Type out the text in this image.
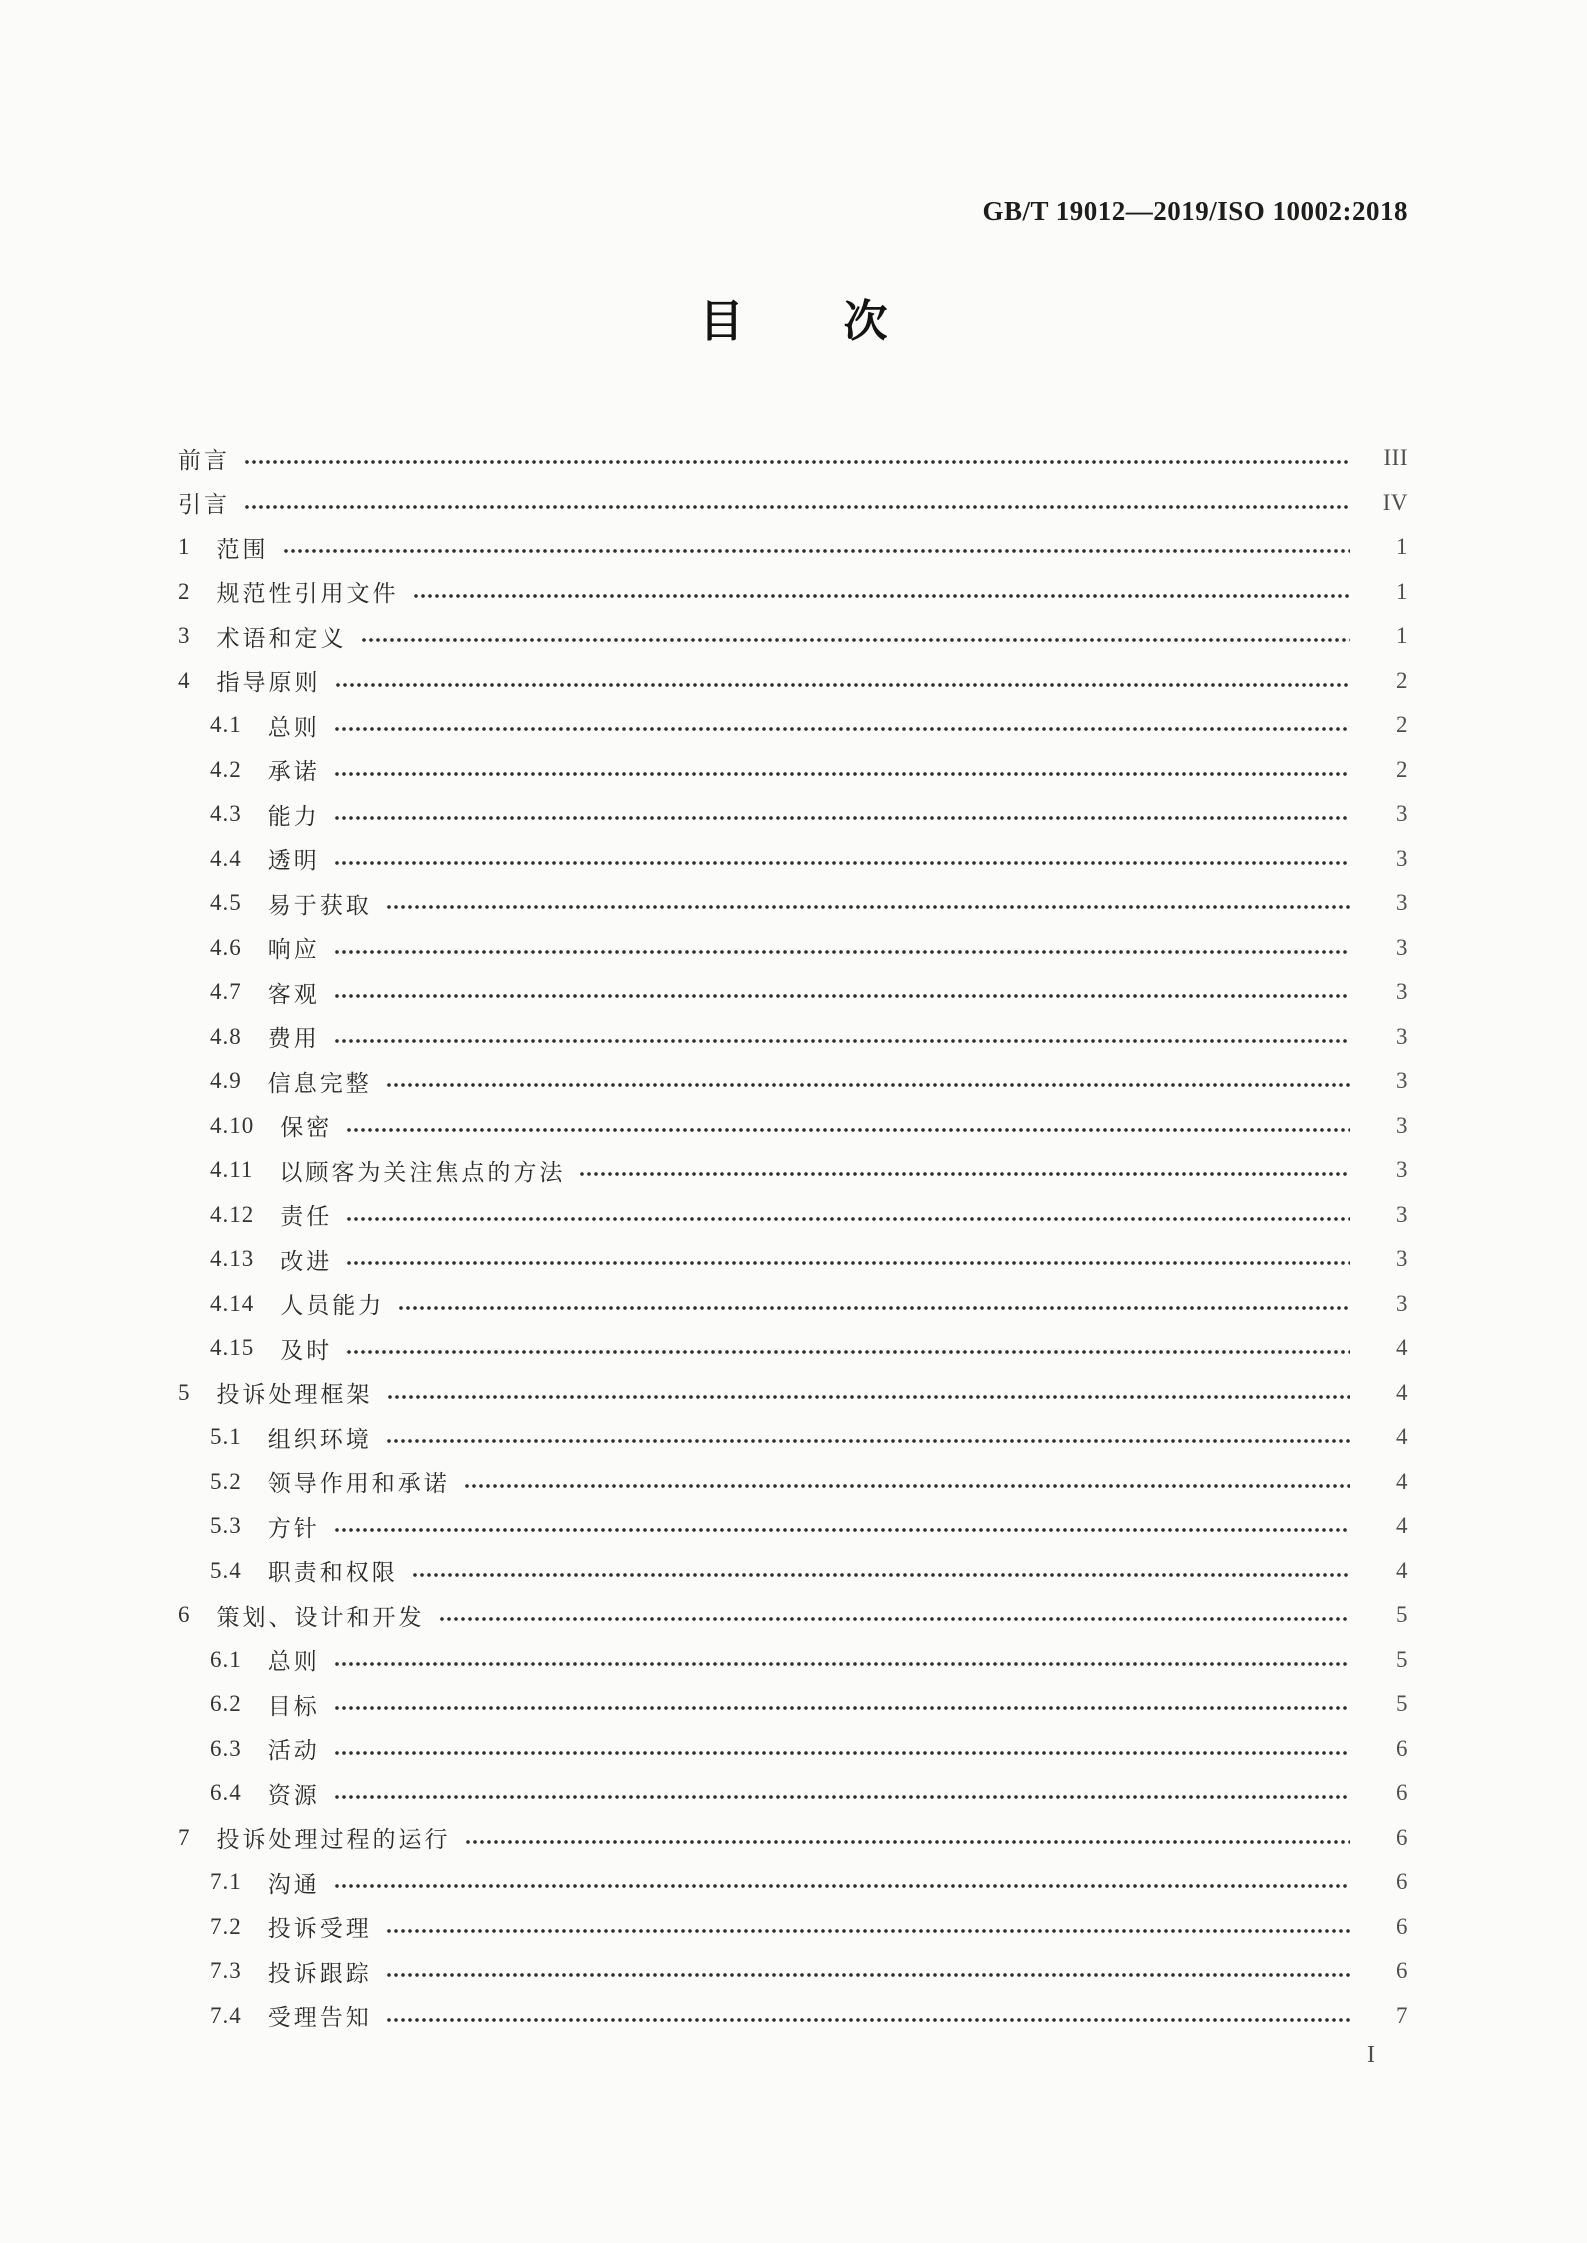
GB/T 19012—2019/ISO 10002:2018
目 次
前言	III
引言	IV
1 范围	1
2 规范性引用文件	1
3 术语和定义	1
4 指导原则	2
4.1 总则	2
4.2 承诺	2
4.3 能力	3
4.4 透明	3
4.5 易于获取	3
4.6 响应	3
4.7 客观	3
4.8 费用	3
4.9 信息完整	3
4.10 保密	3
4.11 以顾客为关注焦点的方法	3
4.12 责任	3
4.13 改进	3
4.14 人员能力	3
4.15 及时	4
5 投诉处理框架	4
5.1 组织环境	4
5.2 领导作用和承诺	4
5.3 方针	4
5.4 职责和权限	4
6 策划、设计和开发	5
6.1 总则	5
6.2 目标	5
6.3 活动	6
6.4 资源	6
7 投诉处理过程的运行	6
7.1 沟通	6
7.2 投诉受理	6
7.3 投诉跟踪	6
7.4 受理告知	7
I
